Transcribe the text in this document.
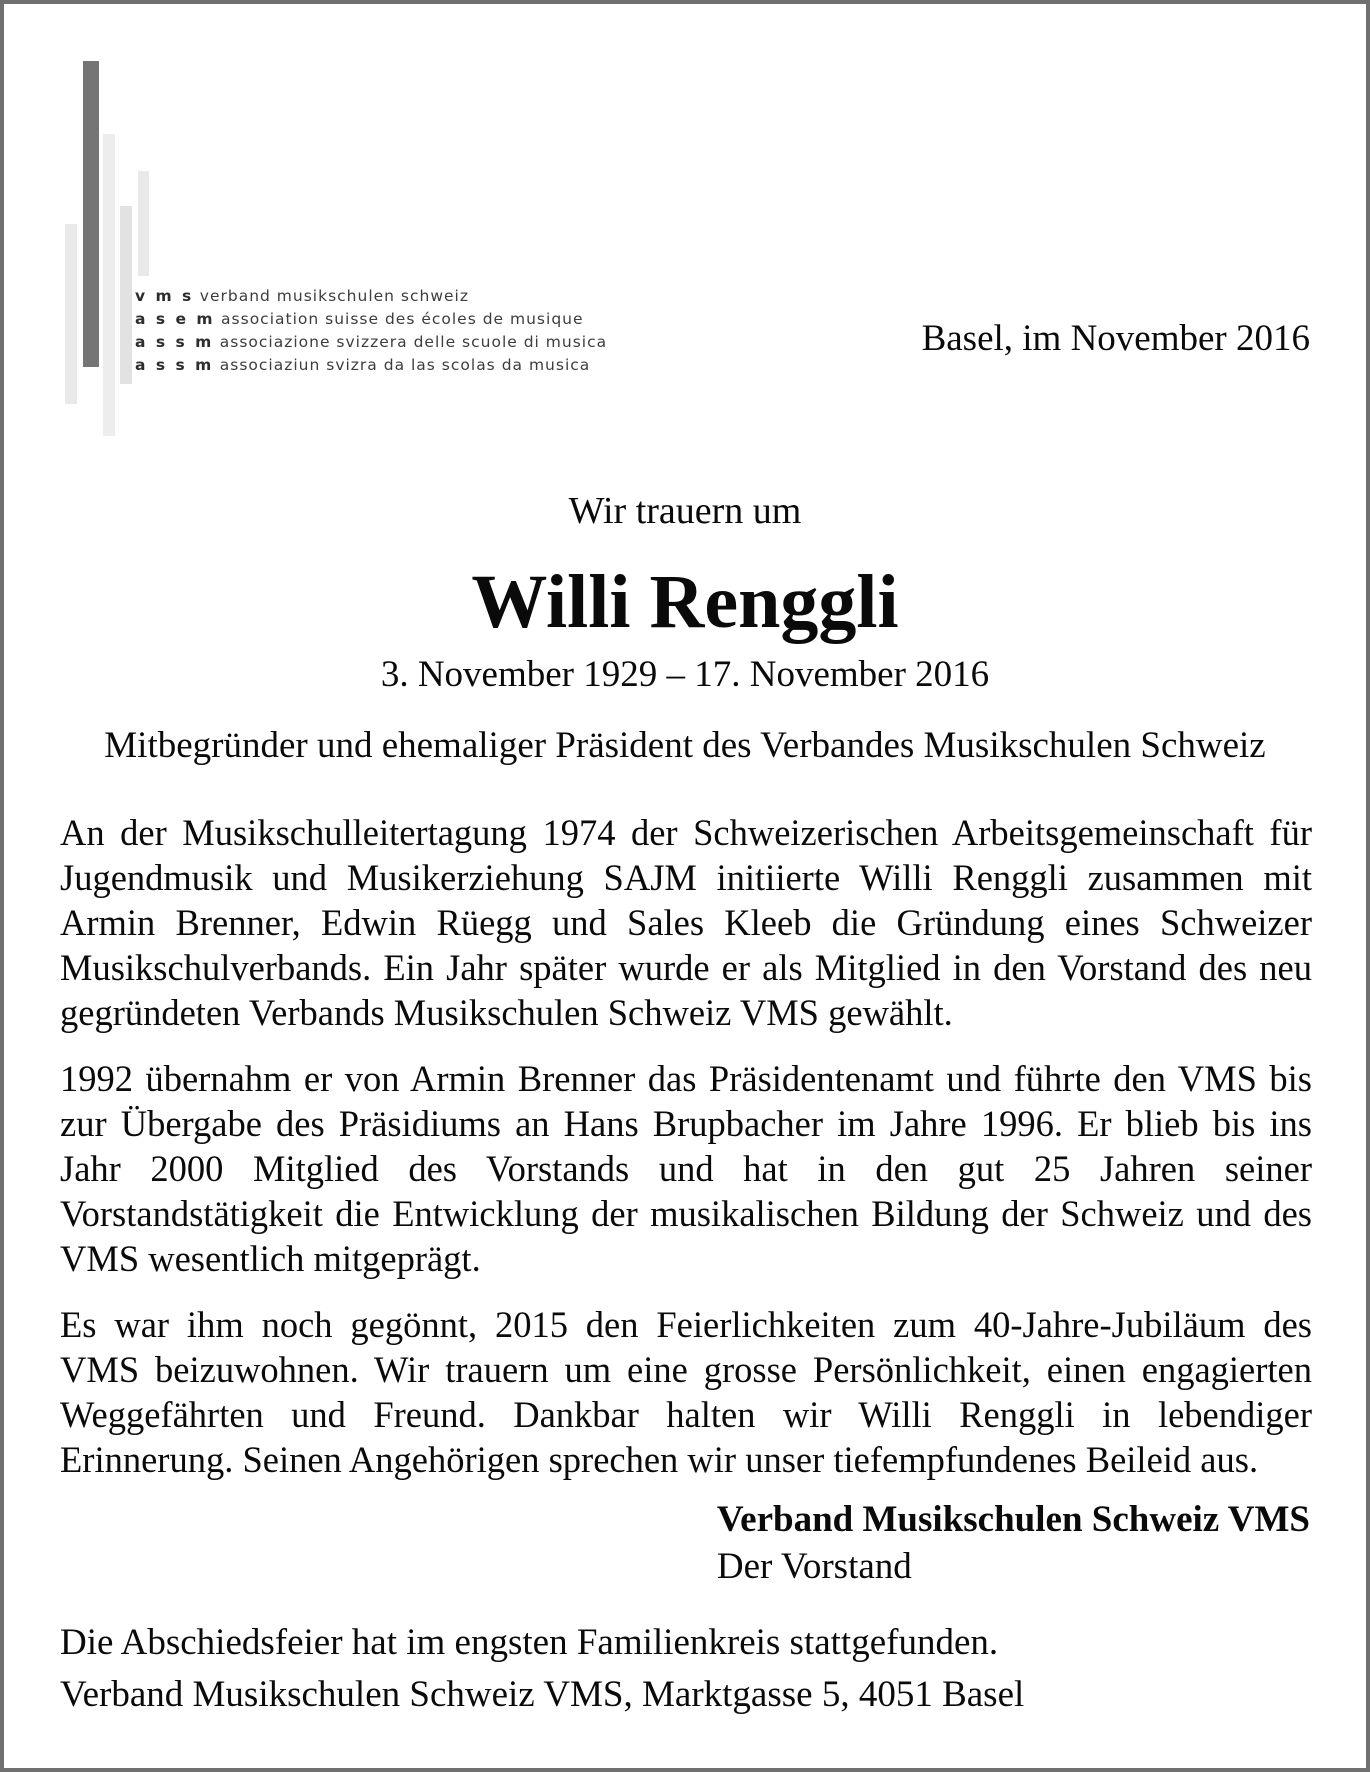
v m s verband musikschulen schweiz
a s e m association suisse des écoles de musique
a s s m associazione svizzera delle scuole di musica
a s s m associaziun svizra da las scolas da musica
Basel, im November 2016

Wir trauern um

Willi Renggli

3. November 1929 – 17. November 2016

Mitbegründer und ehemaliger Präsident des Verbandes Musikschulen Schweiz

An der Musikschulleitertagung 1974 der Schweizerischen Arbeitsgemeinschaft für Jugendmusik und Musikerziehung SAJM initiierte Willi Renggli zusammen mit Armin Brenner, Edwin Rüegg und Sales Kleeb die Gründung eines Schweizer Musikschulverbands. Ein Jahr später wurde er als Mitglied in den Vorstand des neu gegründeten Verbands Musikschulen Schweiz VMS gewählt.

1992 übernahm er von Armin Brenner das Präsidentenamt und führte den VMS bis zur Übergabe des Präsidiums an Hans Brupbacher im Jahre 1996. Er blieb bis ins Jahr 2000 Mitglied des Vorstands und hat in den gut 25 Jahren seiner Vorstandstätigkeit die Entwicklung der musikalischen Bildung der Schweiz und des VMS wesentlich mitgeprägt.

Es war ihm noch gegönnt, 2015 den Feierlichkeiten zum 40-Jahre-Jubiläum des VMS beizuwohnen. Wir trauern um eine grosse Persönlichkeit, einen engagierten Weggefährten und Freund. Dankbar halten wir Willi Renggli in lebendiger Erinnerung. Seinen Angehörigen sprechen wir unser tiefempfundenes Beileid aus.

Verband Musikschulen Schweiz VMS

Der Vorstand

Die Abschiedsfeier hat im engsten Familienkreis stattgefunden.

Verband Musikschulen Schweiz VMS, Marktgasse 5, 4051 Basel
